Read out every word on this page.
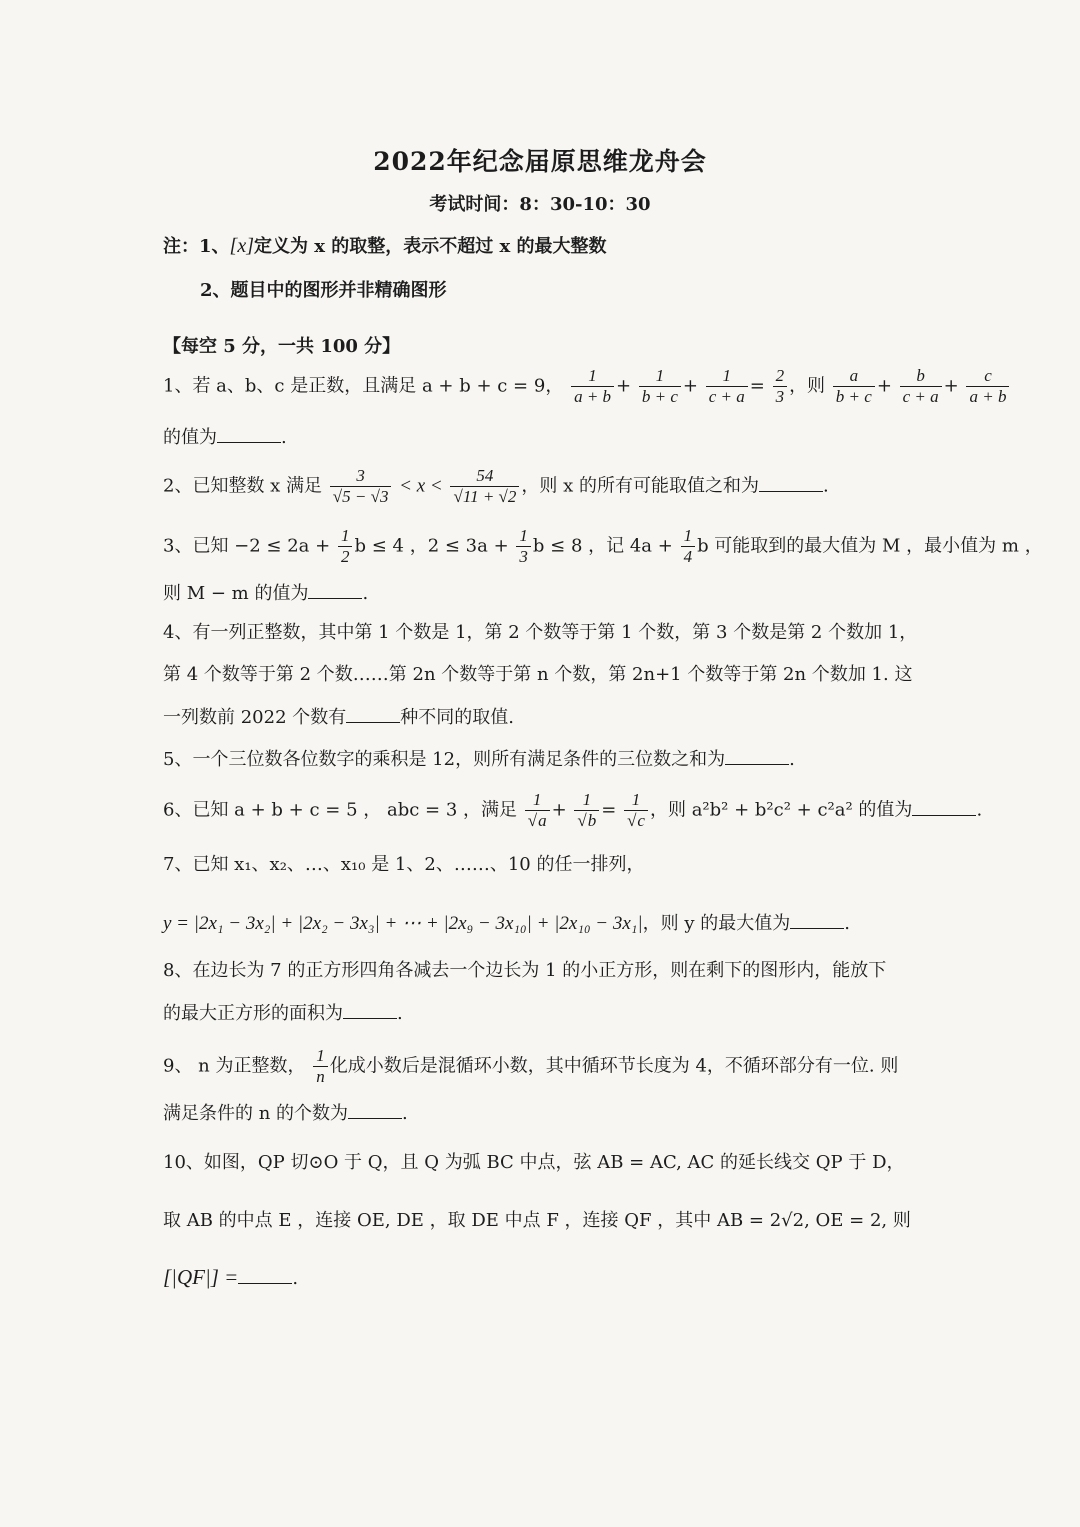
2022年纪念届原思维龙舟会
考试时间：8：30-10：30
注：1、[x]定义为 x 的取整，表示不超过 x 的最大整数
2、题目中的图形并非精确图形
【每空 5 分，一共 100 分】
1、若 a、b、c 是正数，且满足 a + b + c = 9， $\frac{1}{a + b} + \frac{1}{b + c} + \frac{1}{c + a} = \frac{2}{3}$ ，则 $\frac{a}{b + c} + \frac{b}{c + a} + \frac{c}{a + b}$
的值为	.
2、已知整数 x 满足 $\frac{3}{√5 - √3} < x < \frac{54}{√11 + √2}$ ，则 x 的所有可能取值之和为	.
3、已知 $-2 \le 2a + \frac{1}{2}$ b ≤ 4 ，$2 \le 3a + \frac{1}{3}$ b ≤ 8 ，记 $4a + \frac{1}{4}$ b 可能取到的最大值为 M ，最小值为 m ，
则 M − m 的值为	.
4、有一列正整数，其中第 1 个数是 1，第 2 个数等于第 1 个数，第 3 个数是第 2 个数加 1，
第 4 个数等于第 2 个数……第 2n 个数等于第 n 个数，第 2n+1 个数等于第 2n 个数加 1. 这
一列数前 2022 个数有	种不同的取值.
5、一个三位数各位数字的乘积是 12，则所有满足条件的三位数之和为	.
6、已知 a + b + c = 5 ， abc = 3 ，满足 $\frac{1}{√a} + \frac{1}{√b} = \frac{1}{√c}$ ，则 a²b² + b²c² + c²a² 的值为	.
7、已知 x₁、x₂、…、x₁₀ 是 1、2、……、10 的任一排列，
y = |2x₁ − 3x₂| + |2x₂ − 3x₃| + ⋯ + |2x₉ − 3x₁₀| + |2x₁₀ − 3x₁|，则 y 的最大值为	.
8、在边长为 7 的正方形四角各减去一个边长为 1 的小正方形，则在剩下的图形内，能放下
的最大正方形的面积为	.
9、 n 为正整数， $\frac{1}{n}$ 化成小数后是混循环小数，其中循环节长度为 4，不循环部分有一位. 则
满足条件的 n 的个数为	.
10、如图，QP 切⊙O 于 Q，且 Q 为弧 BC 中点，弦 AB = AC, AC 的延长线交 QP 于 D，
取 AB 的中点 E ，连接 OE, DE ，取 DE 中点 F ，连接 QF ，其中 AB = 2√2, OE = 2, 则
[|QF|] =	.
